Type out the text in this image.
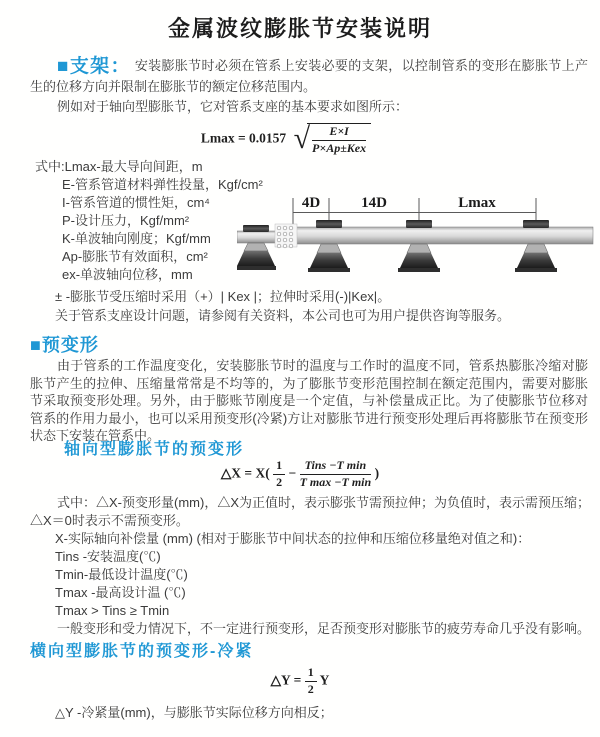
金属波纹膨胀节安装说明

■支架： 安装膨胀节时必须在管系上安装必要的支架，以控制管系的变形在膨胀节上产生的位移方向并限制在膨胀节的额定位移范围内。

例如对于轴向型膨胀节，它对管系支座的基本要求如图所示：

Lmax = 0.0157 √ $\frac{E\times I}{\text{P×Ap±Kex}}$
式中:Lmax-最大导向间距，m
E-管系管道材料弹性投量，Kgf/cm²
I-管系管道的惯性矩，cm⁴
P-设计压力，Kgf/mm²
K-单波轴向刚度；Kgf/mm
Ap-膨胀节有效面积，cm²
ex-单波轴向位移，mm
4D	14D	Lmax
± -膨胀节受压缩时采用（+）| Kex |；拉伸时采用(-)|Kex|。
关于管系支座设计问题，请参阅有关资料，本公司也可为用户提供咨询等服务。
■预变形
由于管系的工作温度变化，安装膨胀节时的温度与工作时的温度不同，管系热膨胀冷缩对膨胀节产生的拉伸、压缩量常常是不均等的，为了膨胀节变形范围控制在额定范围内，需要对膨胀节采取预变形处理。另外，由于膨账节刚度是一个定值，与补偿量成正比。为了使膨胀节位移对管系的作用力最小，也可以采用预变形(冷紧)方让对膨胀节进行预变形处理后再将膨胀节在预变形状态下安装在管系中。
轴向型膨胀节的预变形
△X = $X( \frac{1}{2} - \frac{\text{Tins −T min}}{\text{T max −T min}}$ )

式中：△X-预变形量(mm)，△X为正值时，表示膨张节需预拉伸；为负值时，表示需预压缩；△X＝0时表示不需预变形。

X-实际轴向补偿量 (mm) (相对于膨胀节中间状态的拉伸和压缩位移量绝对值之和)：
Tins -安装温度(℃)
Tmin-最低设计温度(℃)
Tmax -最高设计温 (℃)
Tmax > Tins ≥ Tmin

一般变形和受力情况下，不一定进行预变形，足否预变形对膨胀节的疲劳寿命几乎没有影响。

横向型膨胀节的预变形-冷紧
△Y = $\frac{1}{2}$ Y
△Y -冷紧量(mm)，与膨胀节实际位移方向相反；
